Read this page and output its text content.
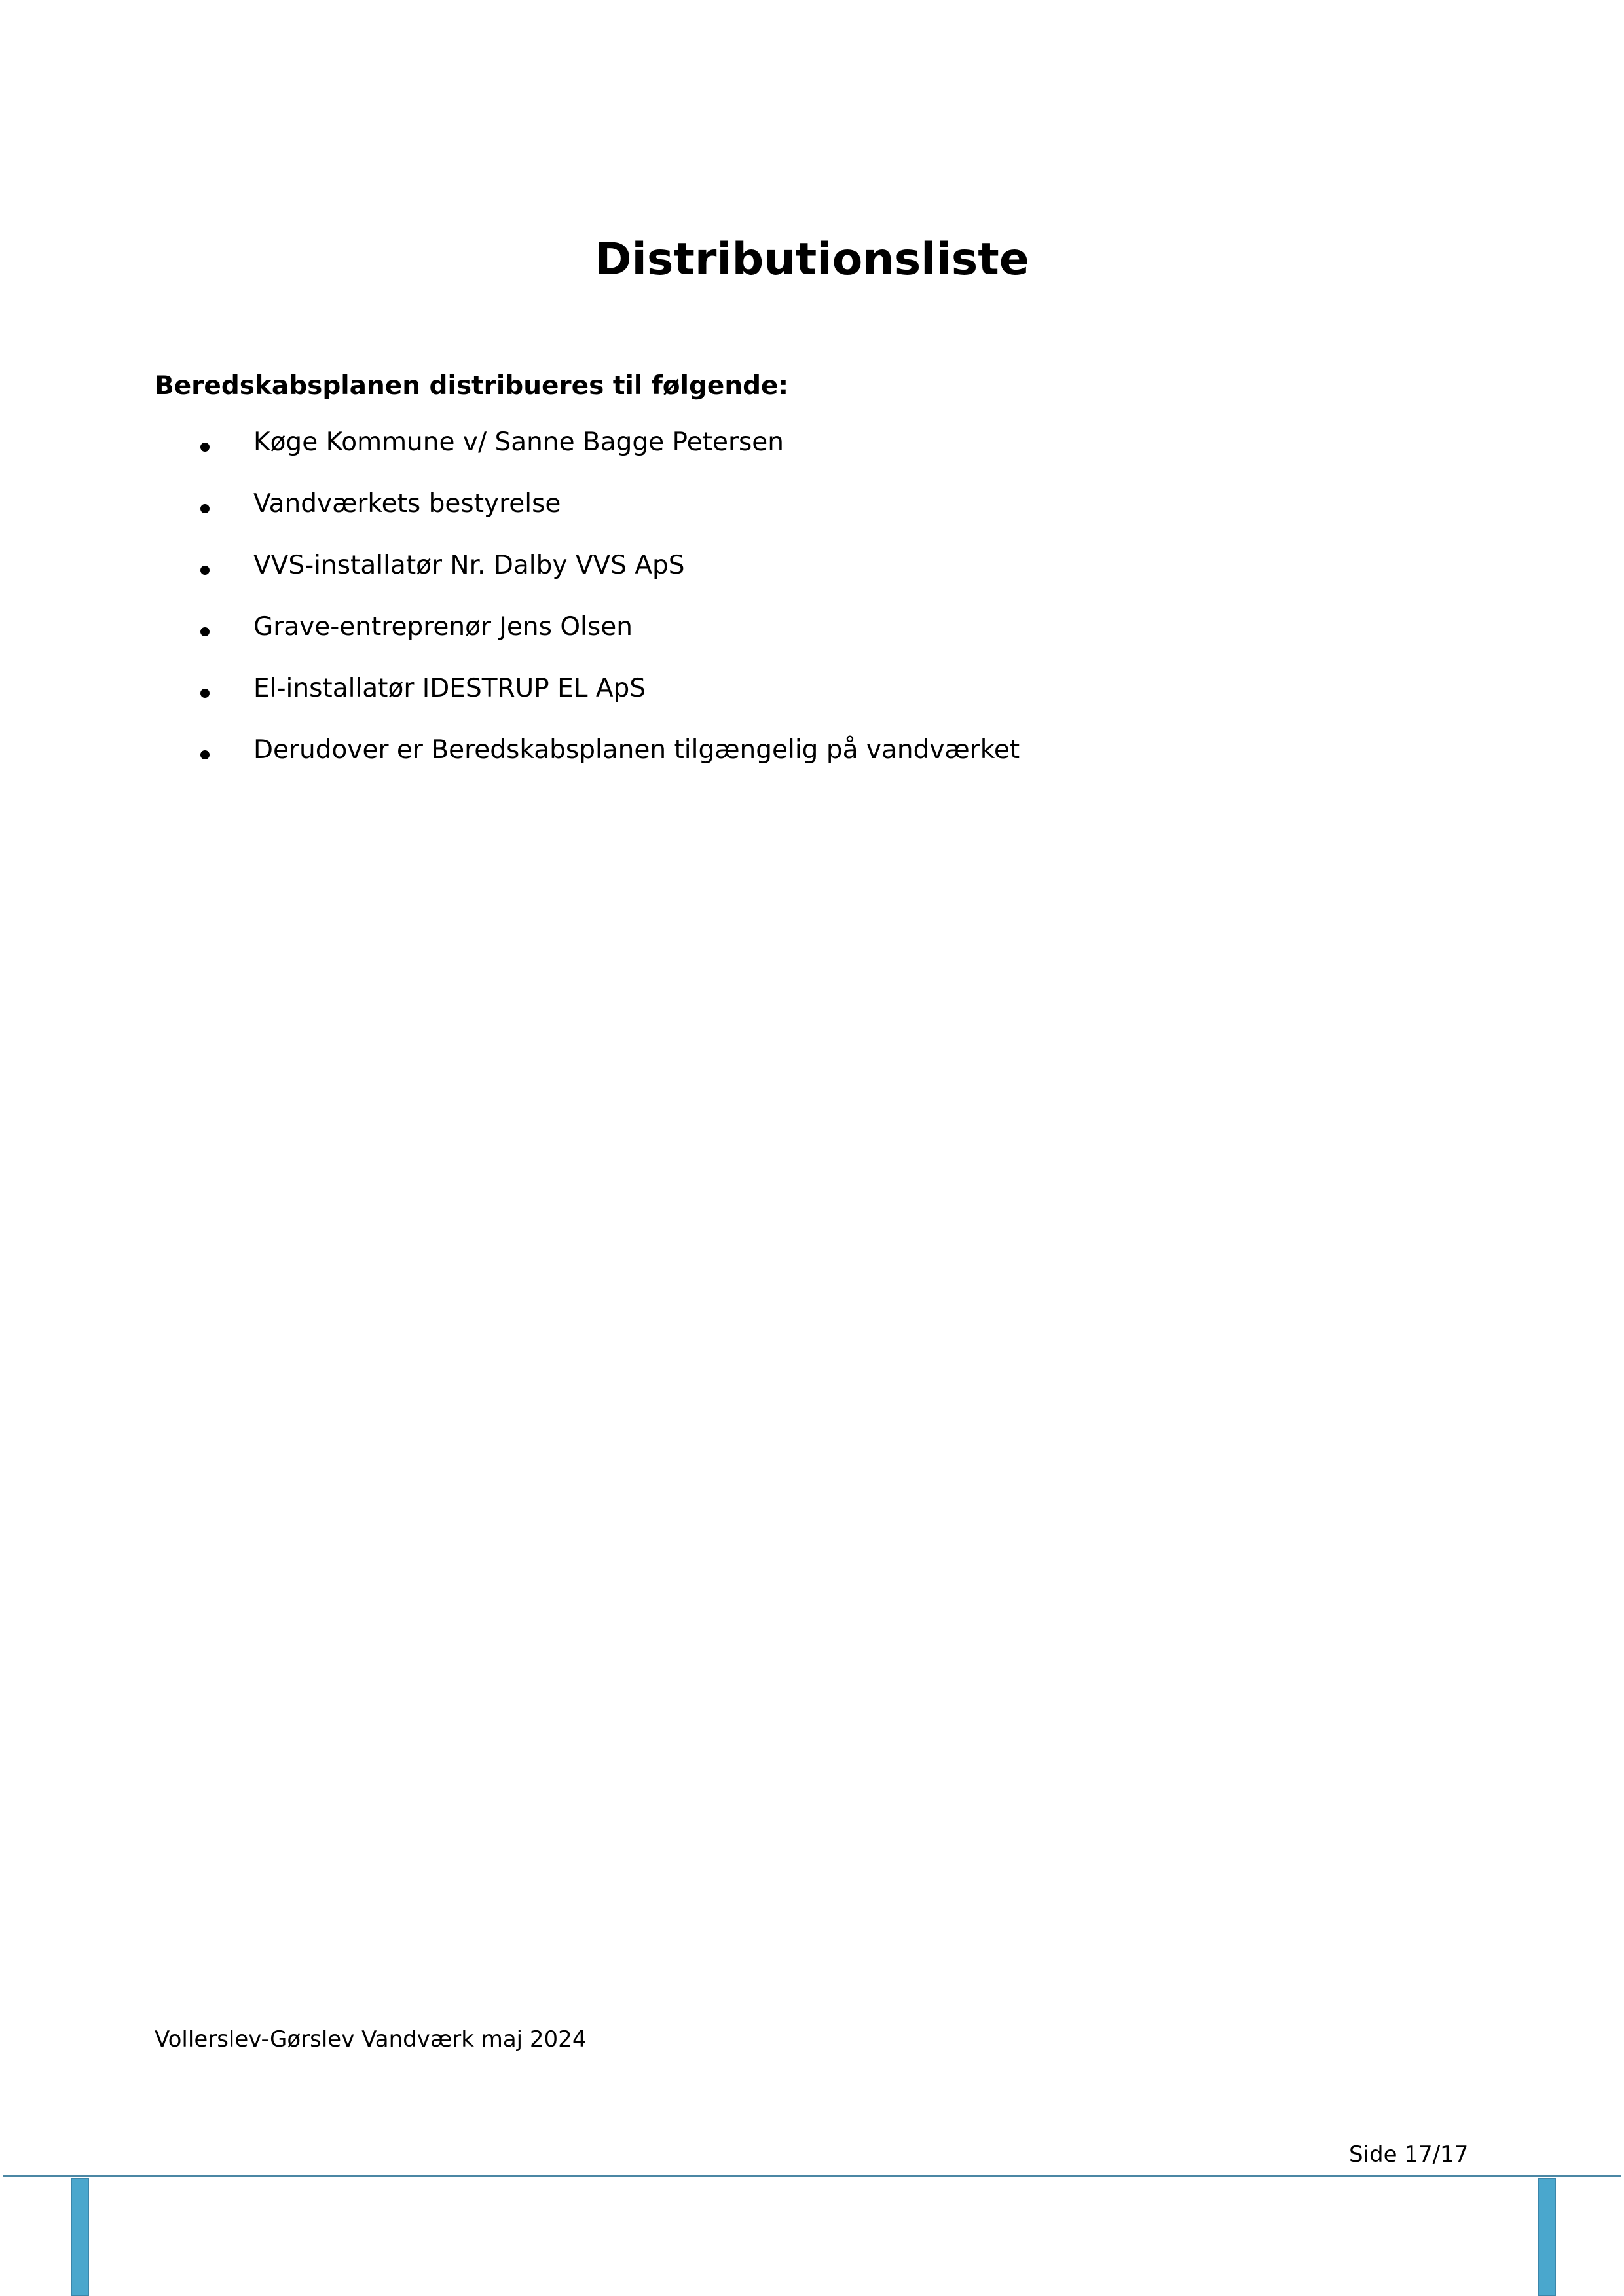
Distributionsliste

Beredskabsplanen distribueres til følgende:

Køge Kommune v/ Sanne Bagge Petersen
Vandværkets bestyrelse
VVS-installatør Nr. Dalby VVS ApS
Grave-entreprenør Jens Olsen
El-installatør IDESTRUP EL ApS
Derudover er Beredskabsplanen tilgængelig på vandværket
Vollerslev-Gørslev Vandværk maj 2024
Side 17/17
